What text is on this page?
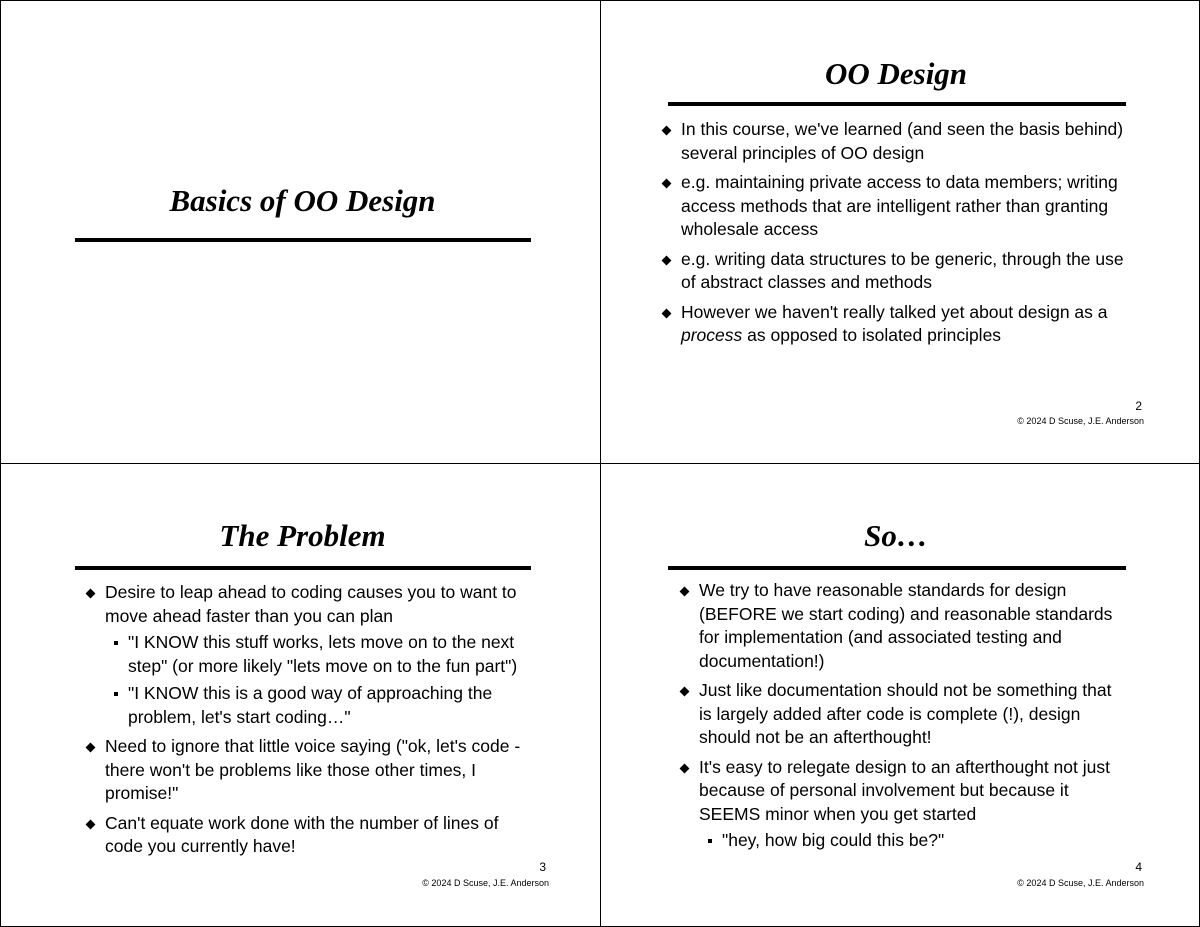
Basics of OO Design
OO Design
In this course, we've learned (and seen the basis behind) several principles of OO design
e.g. maintaining private access to data members; writing access methods that are intelligent rather than granting wholesale access
e.g. writing data structures to be generic, through the use of abstract classes and methods
However we haven't really talked yet about design as a process as opposed to isolated principles
2
© 2024 D Scuse, J.E. Anderson
The Problem
Desire to leap ahead to coding causes you to want to move ahead faster than you can plan
"I KNOW this stuff works, lets move on to the next step" (or more likely "lets move on to the fun part")
"I KNOW this is a good way of approaching the problem, let's start coding…"
Need to ignore that little voice saying ("ok, let's code - there won't be problems like those other times, I promise!"
Can't equate work done with the number of lines of code you currently have!
3
© 2024 D Scuse, J.E. Anderson
So…
We try to have reasonable standards for design (BEFORE we start coding) and reasonable standards for implementation (and associated testing and documentation!)
Just like documentation should not be something that is largely added after code is complete (!), design should not be an afterthought!
It's easy to relegate design to an afterthought not just because of personal involvement but because it SEEMS minor when you get started
"hey, how big could this be?"
4
© 2024 D Scuse, J.E. Anderson
